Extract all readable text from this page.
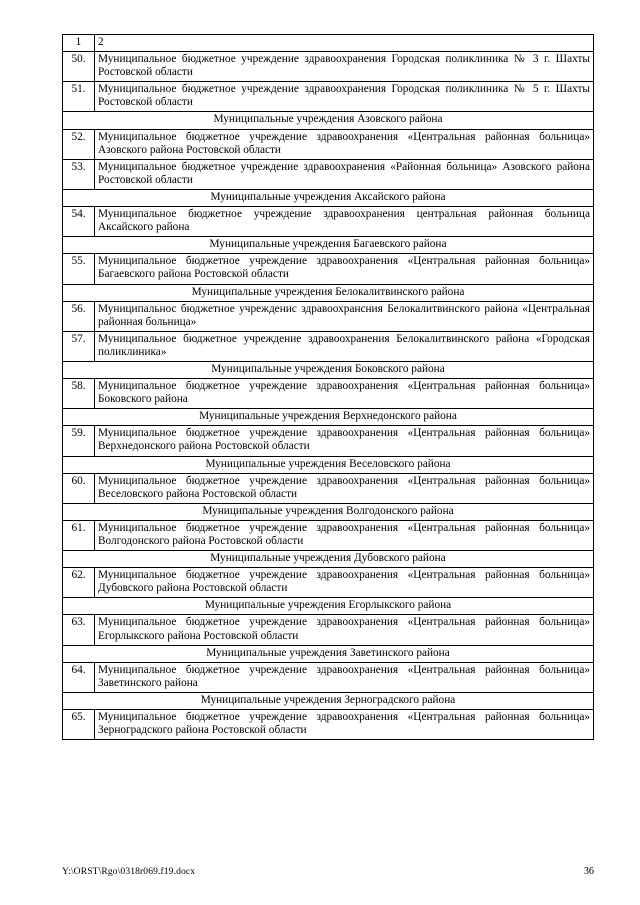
1	2
50.	Муниципальное бюджетное учреждение здравоохранения Городская поликлиника № 3 г. Шахты Ростовской области
51.	Муниципальное бюджетное учреждение здравоохранения Городская поликлиника № 5 г. Шахты Ростовской области
Муниципальные учреждения Азовского района	
52.	Муниципальное бюджетное учреждение здравоохранения «Центральная районная больница» Азовского района Ростовской области
53.	Муниципальное бюджетное учреждение здравоохранения «Районная больница» Азовского района Ростовской области
Муниципальные учреждения Аксайского района	
54.	Муниципальное бюджетное учреждение здравоохранения центральная районная больница Аксайского района
Муниципальные учреждения Багаевского района	
55.	Муниципальное бюджетное учреждение здравоохранения «Центральная районная больница» Багаевского района Ростовской области
Муниципальные учреждения Белокалитвинского района	
56.	Муниципальнос бюджетное учрежденис здравоохрансния Белокалитвинского района «Центральная районная больница»
57.	Муниципальное бюджетное учреждение здравоохранения Белокалитвинского района «Городская поликлиника»
Муниципальные учреждения Боковского района	
58.	Муниципальное бюджетное учреждение здравоохранения «Центральная районная больница» Боковского района
Муниципальные учреждения Верхнедонского района	
59.	Муниципальное бюджетное учреждение здравоохранения «Центральная районная больница» Верхнедонского района Ростовской области
Муниципальные учреждения Веселовского района	
60.	Муниципальное бюджетное учреждение здравоохранения «Центральная районная больница» Веселовского района Ростовской области
Муниципальные учреждения Волгодонского района	
61.	Муниципальное бюджетное учреждение здравоохранения «Центральная районная больница» Волгодонского района Ростовской области
Муниципальные учреждения Дубовского района	
62.	Муниципальное бюджетное учреждение здравоохранения «Центральная районная больница» Дубовского района Ростовской области
Муниципальные учреждения Егорлыкского района	
63.	Муниципальное бюджетное учреждение здравоохранения «Центральная районная больница» Егорлыкского района Ростовской области
Муниципальные учреждения Заветинского района	
64.	Муниципальное бюджетное учреждение здравоохранения «Центральная районная больница» Заветинского района
Муниципальные учреждения Зерноградского района	
65.	Муниципальное бюджетное учреждение здравоохранения «Центральная районная больница» Зерноградского района Ростовской области
Y:\ORST\Rgo\0318r069.f19.docx	36
